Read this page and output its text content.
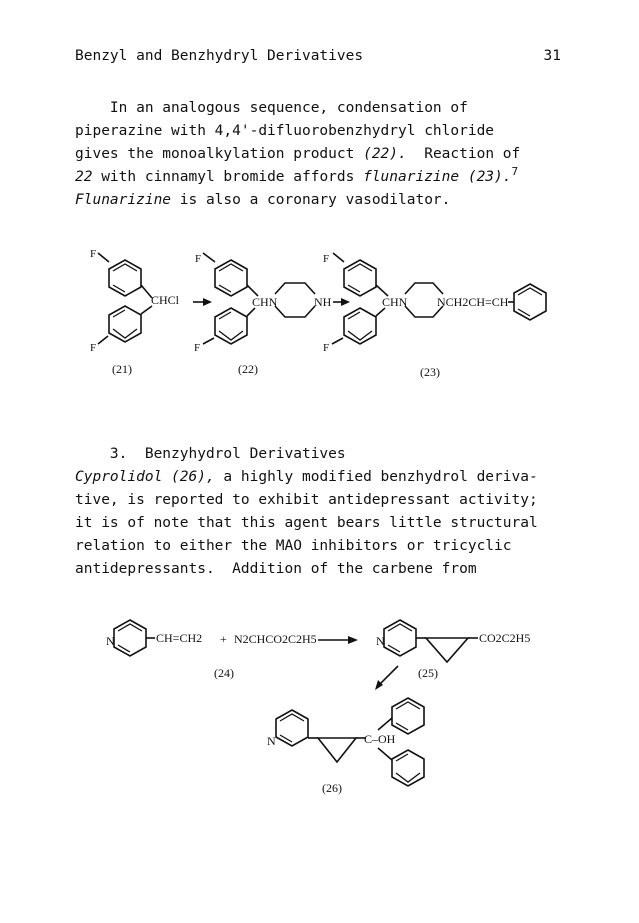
Benzyl and Benzhydryl Derivatives	31

In an analogous sequence, condensation of

piperazine with 4,4'-difluorobenzhydryl chloride

gives the monoalkylation product (22).  Reaction of

22 with cinnamyl bromide affords flunarizine (23).$^7$

Flunarizine is also a coronary vasodilator.

F
CHCl
F
(21)
F
CHN	NH
F
(22)
F
CHN NCH2CH=CH
F
(23)

3.  Benzyhydrol Derivatives

Cyprolidol (26), a highly modified benzhydrol deriva-

tive, is reported to exhibit antidepressant activity;

it is of note that this agent bears little structural

relation to either the MAO inhibitors or tricyclic

antidepressants.  Addition of the carbene from

N	CH=CH2 + N2CHCO2C2H5
(24)
N	CO2C2H5
(25)
N	C–OH
(26)
